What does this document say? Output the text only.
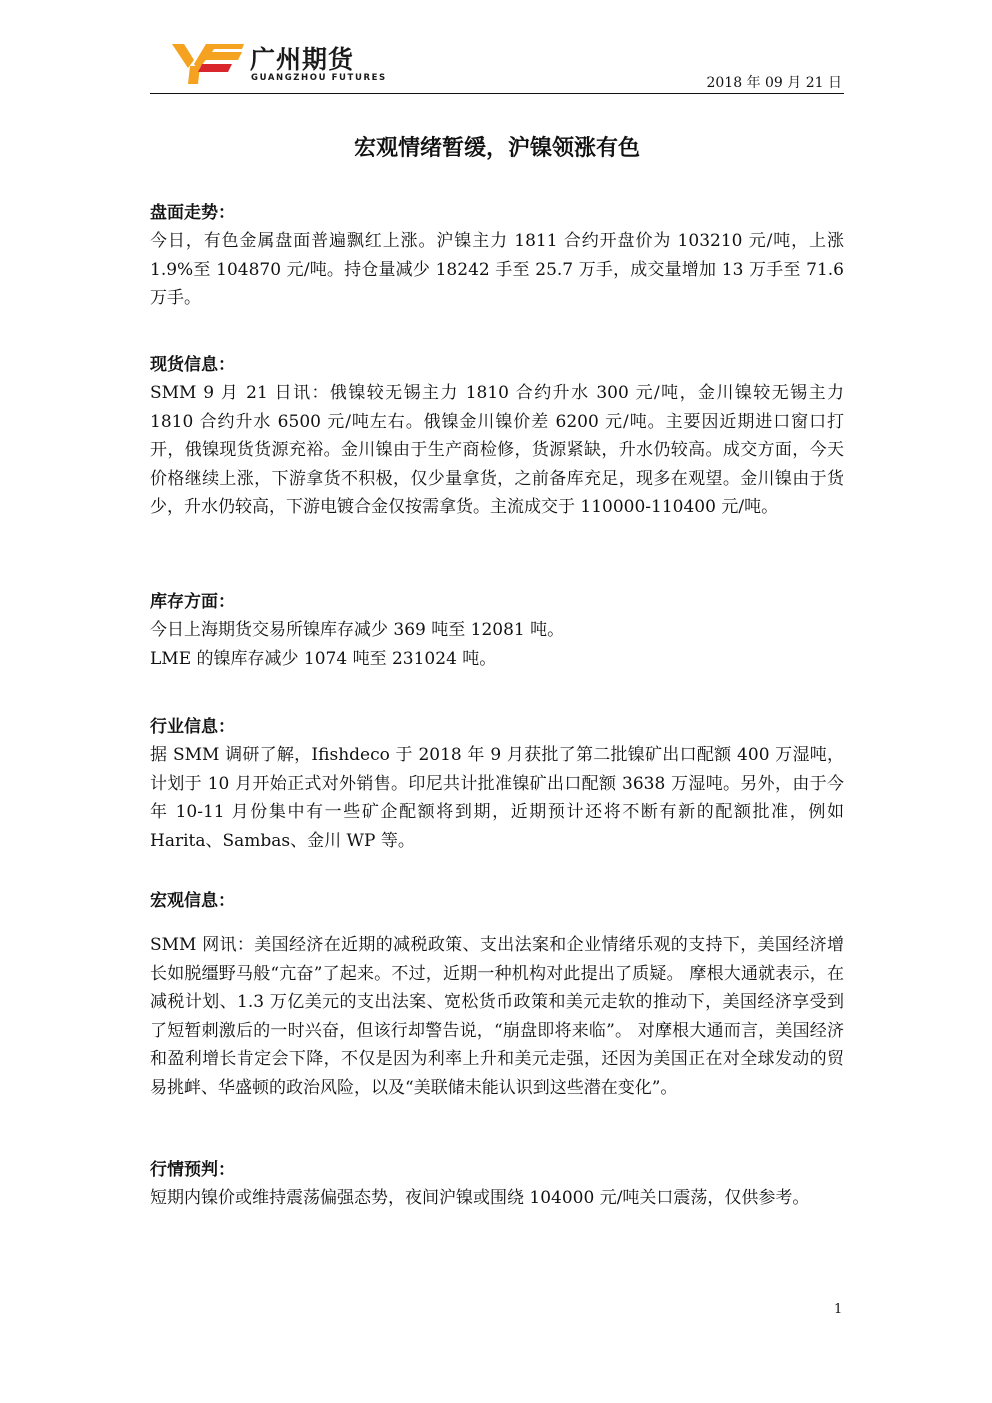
广州期货
GUANGZHOU FUTURES	2018 年 09 月 21 日
宏观情绪暂缓，沪镍领涨有色
盘面走势：

今日，有色金属盘面普遍飘红上涨。沪镍主力 1811 合约开盘价为 103210 元/吨，上涨 1.9%至 104870 元/吨。持仓量减少 18242 手至 25.7 万手，成交量增加 13 万手至 71.6 万手。

现货信息：

SMM 9 月 21 日讯：俄镍较无锡主力 1810 合约升水 300 元/吨，金川镍较无锡主力 1810 合约升水 6500 元/吨左右。俄镍金川镍价差 6200 元/吨。主要因近期进口窗口打开，俄镍现货货源充裕。金川镍由于生产商检修，货源紧缺，升水仍较高。成交方面，今天价格继续上涨，下游拿货不积极，仅少量拿货，之前备库充足，现多在观望。金川镍由于货少，升水仍较高，下游电镀合金仅按需拿货。主流成交于 110000-110400 元/吨。

库存方面：

今日上海期货交易所镍库存减少 369 吨至 12081 吨。

LME 的镍库存减少 1074 吨至 231024 吨。

行业信息：

据 SMM 调研了解，Ifishdeco 于 2018 年 9 月获批了第二批镍矿出口配额 400 万湿吨，计划于 10 月开始正式对外销售。印尼共计批准镍矿出口配额 3638 万湿吨。另外，由于今年 10-11 月份集中有一些矿企配额将到期，近期预计还将不断有新的配额批准，例如 Harita、Sambas、金川 WP 等。

宏观信息：

SMM 网讯：美国经济在近期的减税政策、支出法案和企业情绪乐观的支持下，美国经济增长如脱缰野马般“亢奋”了起来。不过，近期一种机构对此提出了质疑。 摩根大通就表示，在减税计划、1.3 万亿美元的支出法案、宽松货币政策和美元走软的推动下，美国经济享受到了短暂刺激后的一时兴奋，但该行却警告说，“崩盘即将来临”。 对摩根大通而言，美国经济和盈利增长肯定会下降，不仅是因为利率上升和美元走强，还因为美国正在对全球发动的贸易挑衅、华盛顿的政治风险，以及“美联储未能认识到这些潜在变化”。

行情预判：

短期内镍价或维持震荡偏强态势，夜间沪镍或围绕 104000 元/吨关口震荡，仅供参考。

1
